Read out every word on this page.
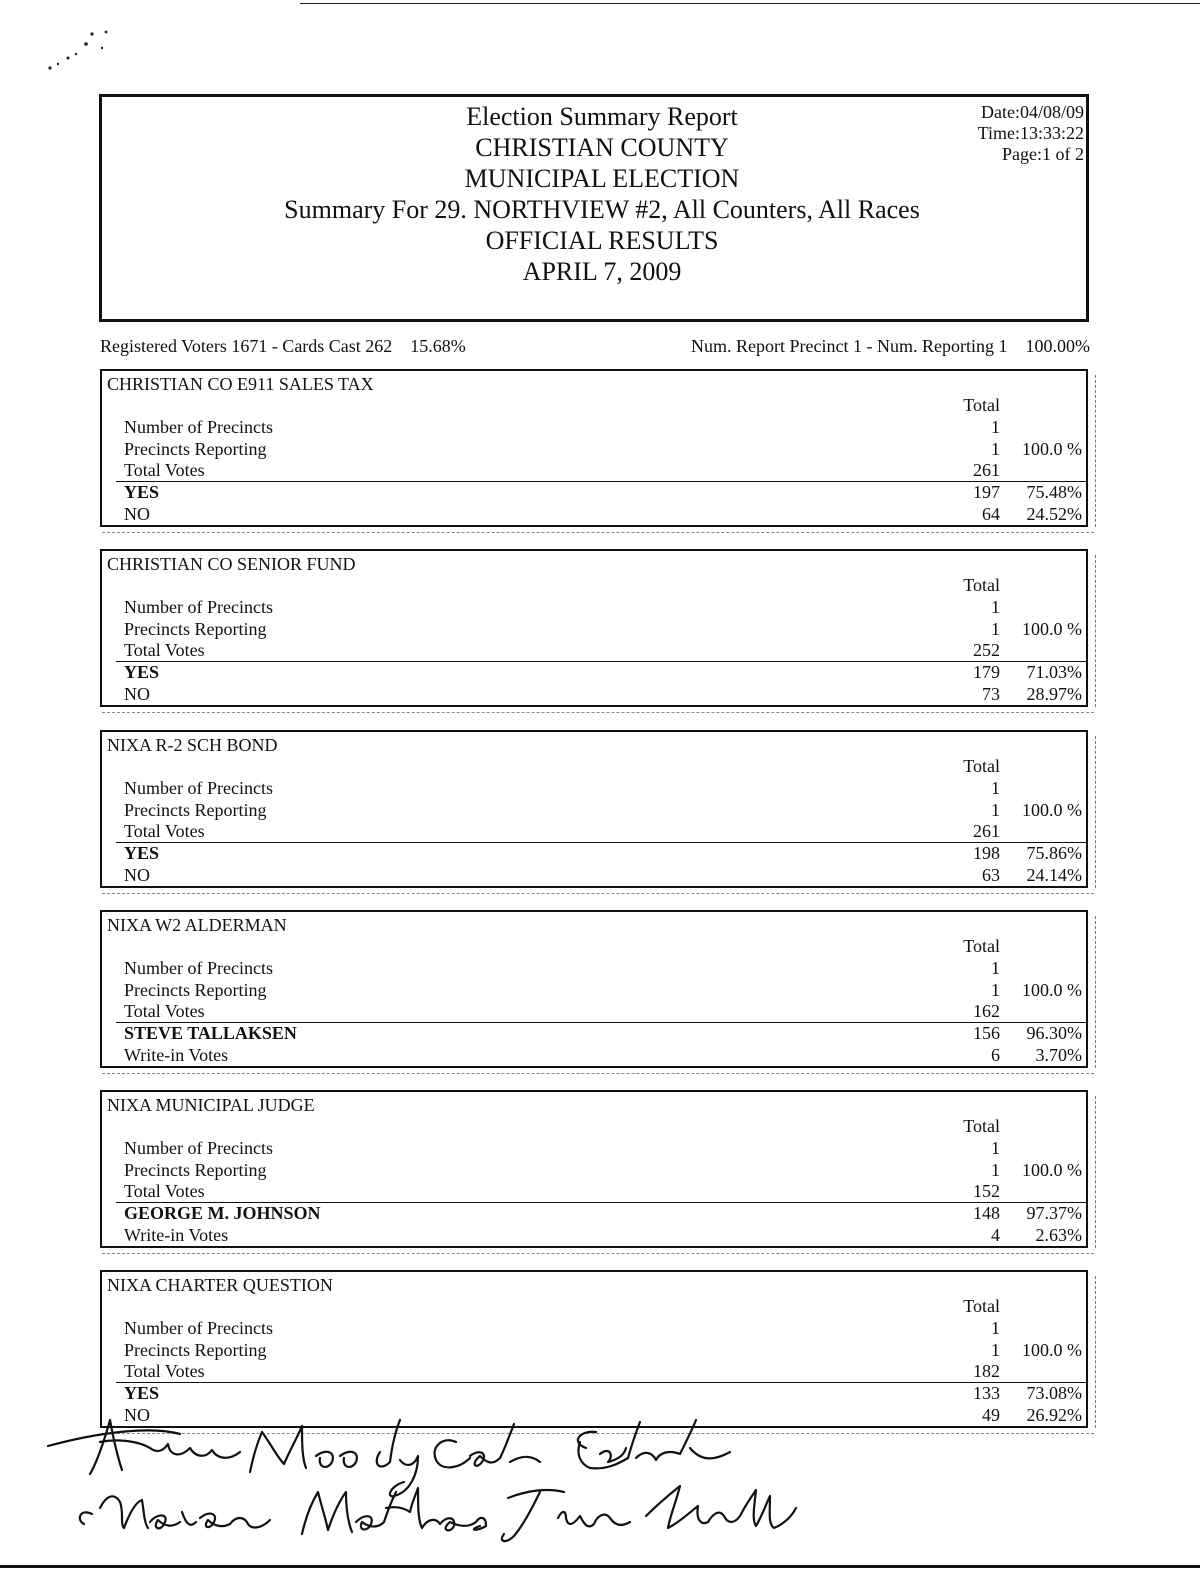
Election Summary Report
CHRISTIAN COUNTY
MUNICIPAL ELECTION
Summary For 29. NORTHVIEW #2, All Counters, All Races
OFFICIAL RESULTS
APRIL 7, 2009
Date:04/08/09
Time:13:33:22
Page:1 of 2
Registered Voters 1671 - Cards Cast 262    15.68%	Num. Report Precinct 1 - Num. Reporting 1    100.00%
CHRISTIAN CO E911 SALES TAX
Total
Number of Precincts	1
Precincts Reporting	1 100.0 %
Total Votes	261
YES	197 75.48%
NO	64 24.52%
CHRISTIAN CO SENIOR FUND
Total
Number of Precincts	1
Precincts Reporting	1 100.0 %
Total Votes	252
YES	179 71.03%
NO	73 28.97%
NIXA R-2 SCH BOND
Total
Number of Precincts	1
Precincts Reporting	1 100.0 %
Total Votes	261
YES	198 75.86%
NO	63 24.14%
NIXA W2 ALDERMAN
Total
Number of Precincts	1
Precincts Reporting	1 100.0 %
Total Votes	162
STEVE TALLAKSEN	156 96.30%
Write-in Votes	6 3.70%
NIXA MUNICIPAL JUDGE
Total
Number of Precincts	1
Precincts Reporting	1 100.0 %
Total Votes	152
GEORGE M. JOHNSON	148 97.37%
Write-in Votes	4 2.63%
NIXA CHARTER QUESTION
Total
Number of Precincts	1
Precincts Reporting	1 100.0 %
Total Votes	182
YES	133 73.08%
NO	49 26.92%
